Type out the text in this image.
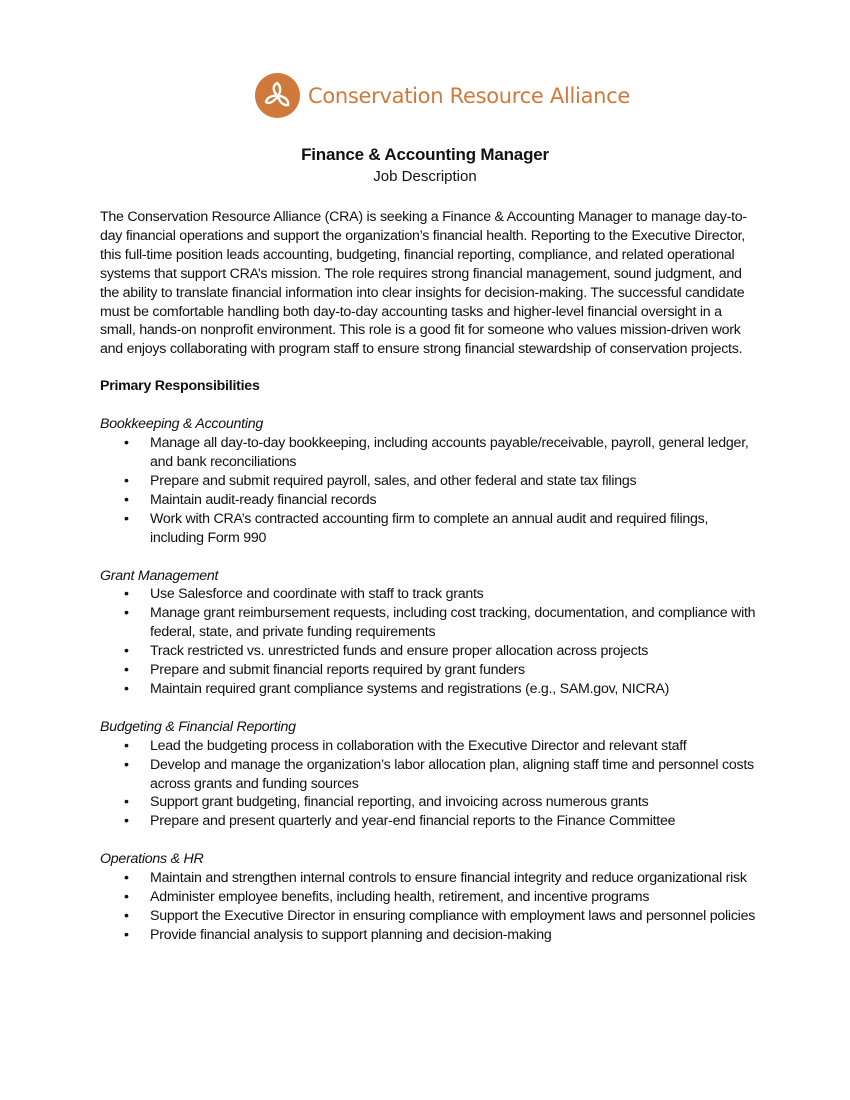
Conservation Resource Alliance
Finance & Accounting Manager
Job Description

The Conservation Resource Alliance (CRA) is seeking a Finance & Accounting Manager to manage day-to-day financial operations and support the organization’s financial health. Reporting to the Executive Director, this full-time position leads accounting, budgeting, financial reporting, compliance, and related operational systems that support CRA’s mission. The role requires strong financial management, sound judgment, and the ability to translate financial information into clear insights for decision-making. The successful candidate must be comfortable handling both day-to-day accounting tasks and higher-level financial oversight in a small, hands-on nonprofit environment. This role is a good fit for someone who values mission-driven work and enjoys collaborating with program staff to ensure strong financial stewardship of conservation projects.

Primary Responsibilities

Bookkeeping & Accounting

• Manage all day-to-day bookkeeping, including accounts payable/receivable, payroll, general ledger, and bank reconciliations
• Prepare and submit required payroll, sales, and other federal and state tax filings
• Maintain audit-ready financial records
• Work with CRA’s contracted accounting firm to complete an annual audit and required filings, including Form 990

Grant Management

• Use Salesforce and coordinate with staff to track grants
• Manage grant reimbursement requests, including cost tracking, documentation, and compliance with federal, state, and private funding requirements
• Track restricted vs. unrestricted funds and ensure proper allocation across projects
• Prepare and submit financial reports required by grant funders
• Maintain required grant compliance systems and registrations (e.g., SAM.gov, NICRA)

Budgeting & Financial Reporting

• Lead the budgeting process in collaboration with the Executive Director and relevant staff
• Develop and manage the organization’s labor allocation plan, aligning staff time and personnel costs across grants and funding sources
• Support grant budgeting, financial reporting, and invoicing across numerous grants
• Prepare and present quarterly and year-end financial reports to the Finance Committee

Operations & HR

• Maintain and strengthen internal controls to ensure financial integrity and reduce organizational risk
• Administer employee benefits, including health, retirement, and incentive programs
• Support the Executive Director in ensuring compliance with employment laws and personnel policies
• Provide financial analysis to support planning and decision-making
